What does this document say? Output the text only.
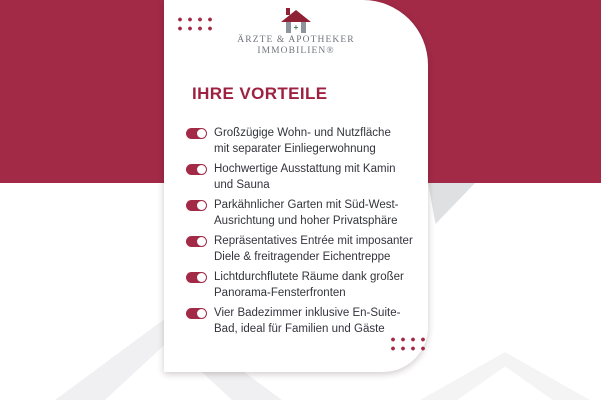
+
ÄRZTE & APOTHEKER
IMMOBILIEN®
IHRE VORTEILE
Großzügige Wohn- und Nutzfläche
mit separater Einliegerwohnung
Hochwertige Ausstattung mit Kamin
und Sauna
Parkähnlicher Garten mit Süd-West-
Ausrichtung und hoher Privatsphäre
Repräsentatives Entrée mit imposanter
Diele & freitragender Eichentreppe
Lichtdurchflutete Räume dank großer
Panorama-Fensterfronten
Vier Badezimmer inklusive En-Suite-
Bad, ideal für Familien und Gäste
